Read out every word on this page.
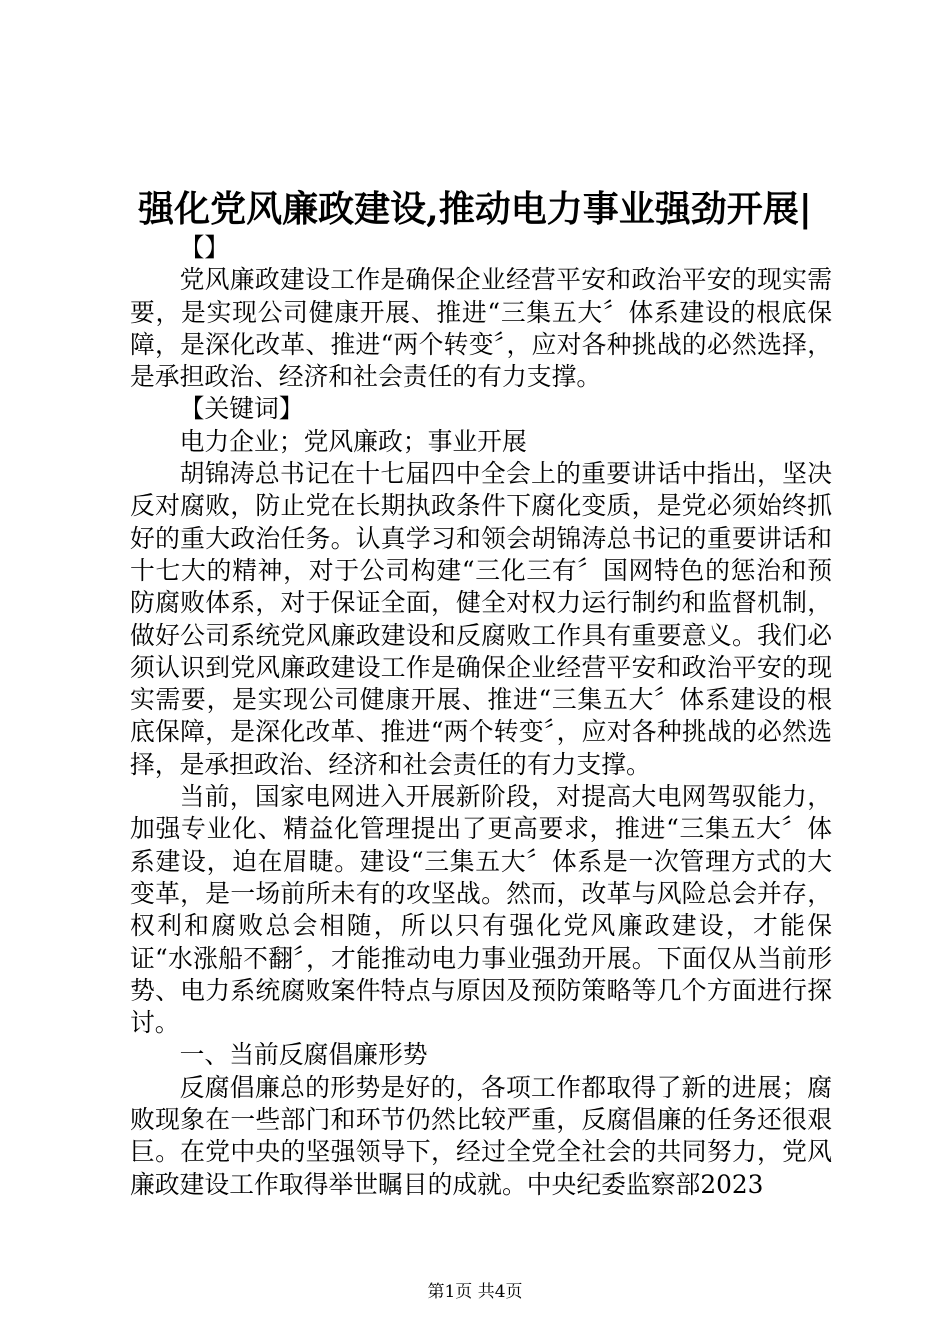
强化党风廉政建设,推动电力事业强劲开展|

【】

党风廉政建设工作是确保企业经营平安和政治平安的现实需要，是实现公司健康开展、推进“三集五大〞体系建设的根底保障，是深化改革、推进“两个转变〞，应对各种挑战的必然选择，是承担政治、经济和社会责任的有力支撑。

【关键词】

电力企业；党风廉政；事业开展

胡锦涛总书记在十七届四中全会上的重要讲话中指出，坚决反对腐败，防止党在长期执政条件下腐化变质，是党必须始终抓好的重大政治任务。认真学习和领会胡锦涛总书记的重要讲话和十七大的精神，对于公司构建“三化三有〞国网特色的惩治和预防腐败体系，对于保证全面，健全对权力运行制约和监督机制，做好公司系统党风廉政建设和反腐败工作具有重要意义。我们必须认识到党风廉政建设工作是确保企业经营平安和政治平安的现实需要，是实现公司健康开展、推进“三集五大〞体系建设的根底保障，是深化改革、推进“两个转变〞，应对各种挑战的必然选择，是承担政治、经济和社会责任的有力支撑。

当前，国家电网进入开展新阶段，对提高大电网驾驭能力，加强专业化、精益化管理提出了更高要求，推进“三集五大〞体系建设，迫在眉睫。建设“三集五大〞体系是一次管理方式的大变革，是一场前所未有的攻坚战。然而，改革与风险总会并存，权利和腐败总会相随，所以只有强化党风廉政建设，才能保证“水涨船不翻〞，才能推动电力事业强劲开展。下面仅从当前形势、电力系统腐败案件特点与原因及预防策略等几个方面进行探讨。

一、当前反腐倡廉形势

反腐倡廉总的形势是好的，各项工作都取得了新的进展；腐败现象在一些部门和环节仍然比较严重，反腐倡廉的任务还很艰巨。在党中央的坚强领导下，经过全党全社会的共同努力，党风廉政建设工作取得举世瞩目的成就。中央纪委监察部2023

第1页 共4页
